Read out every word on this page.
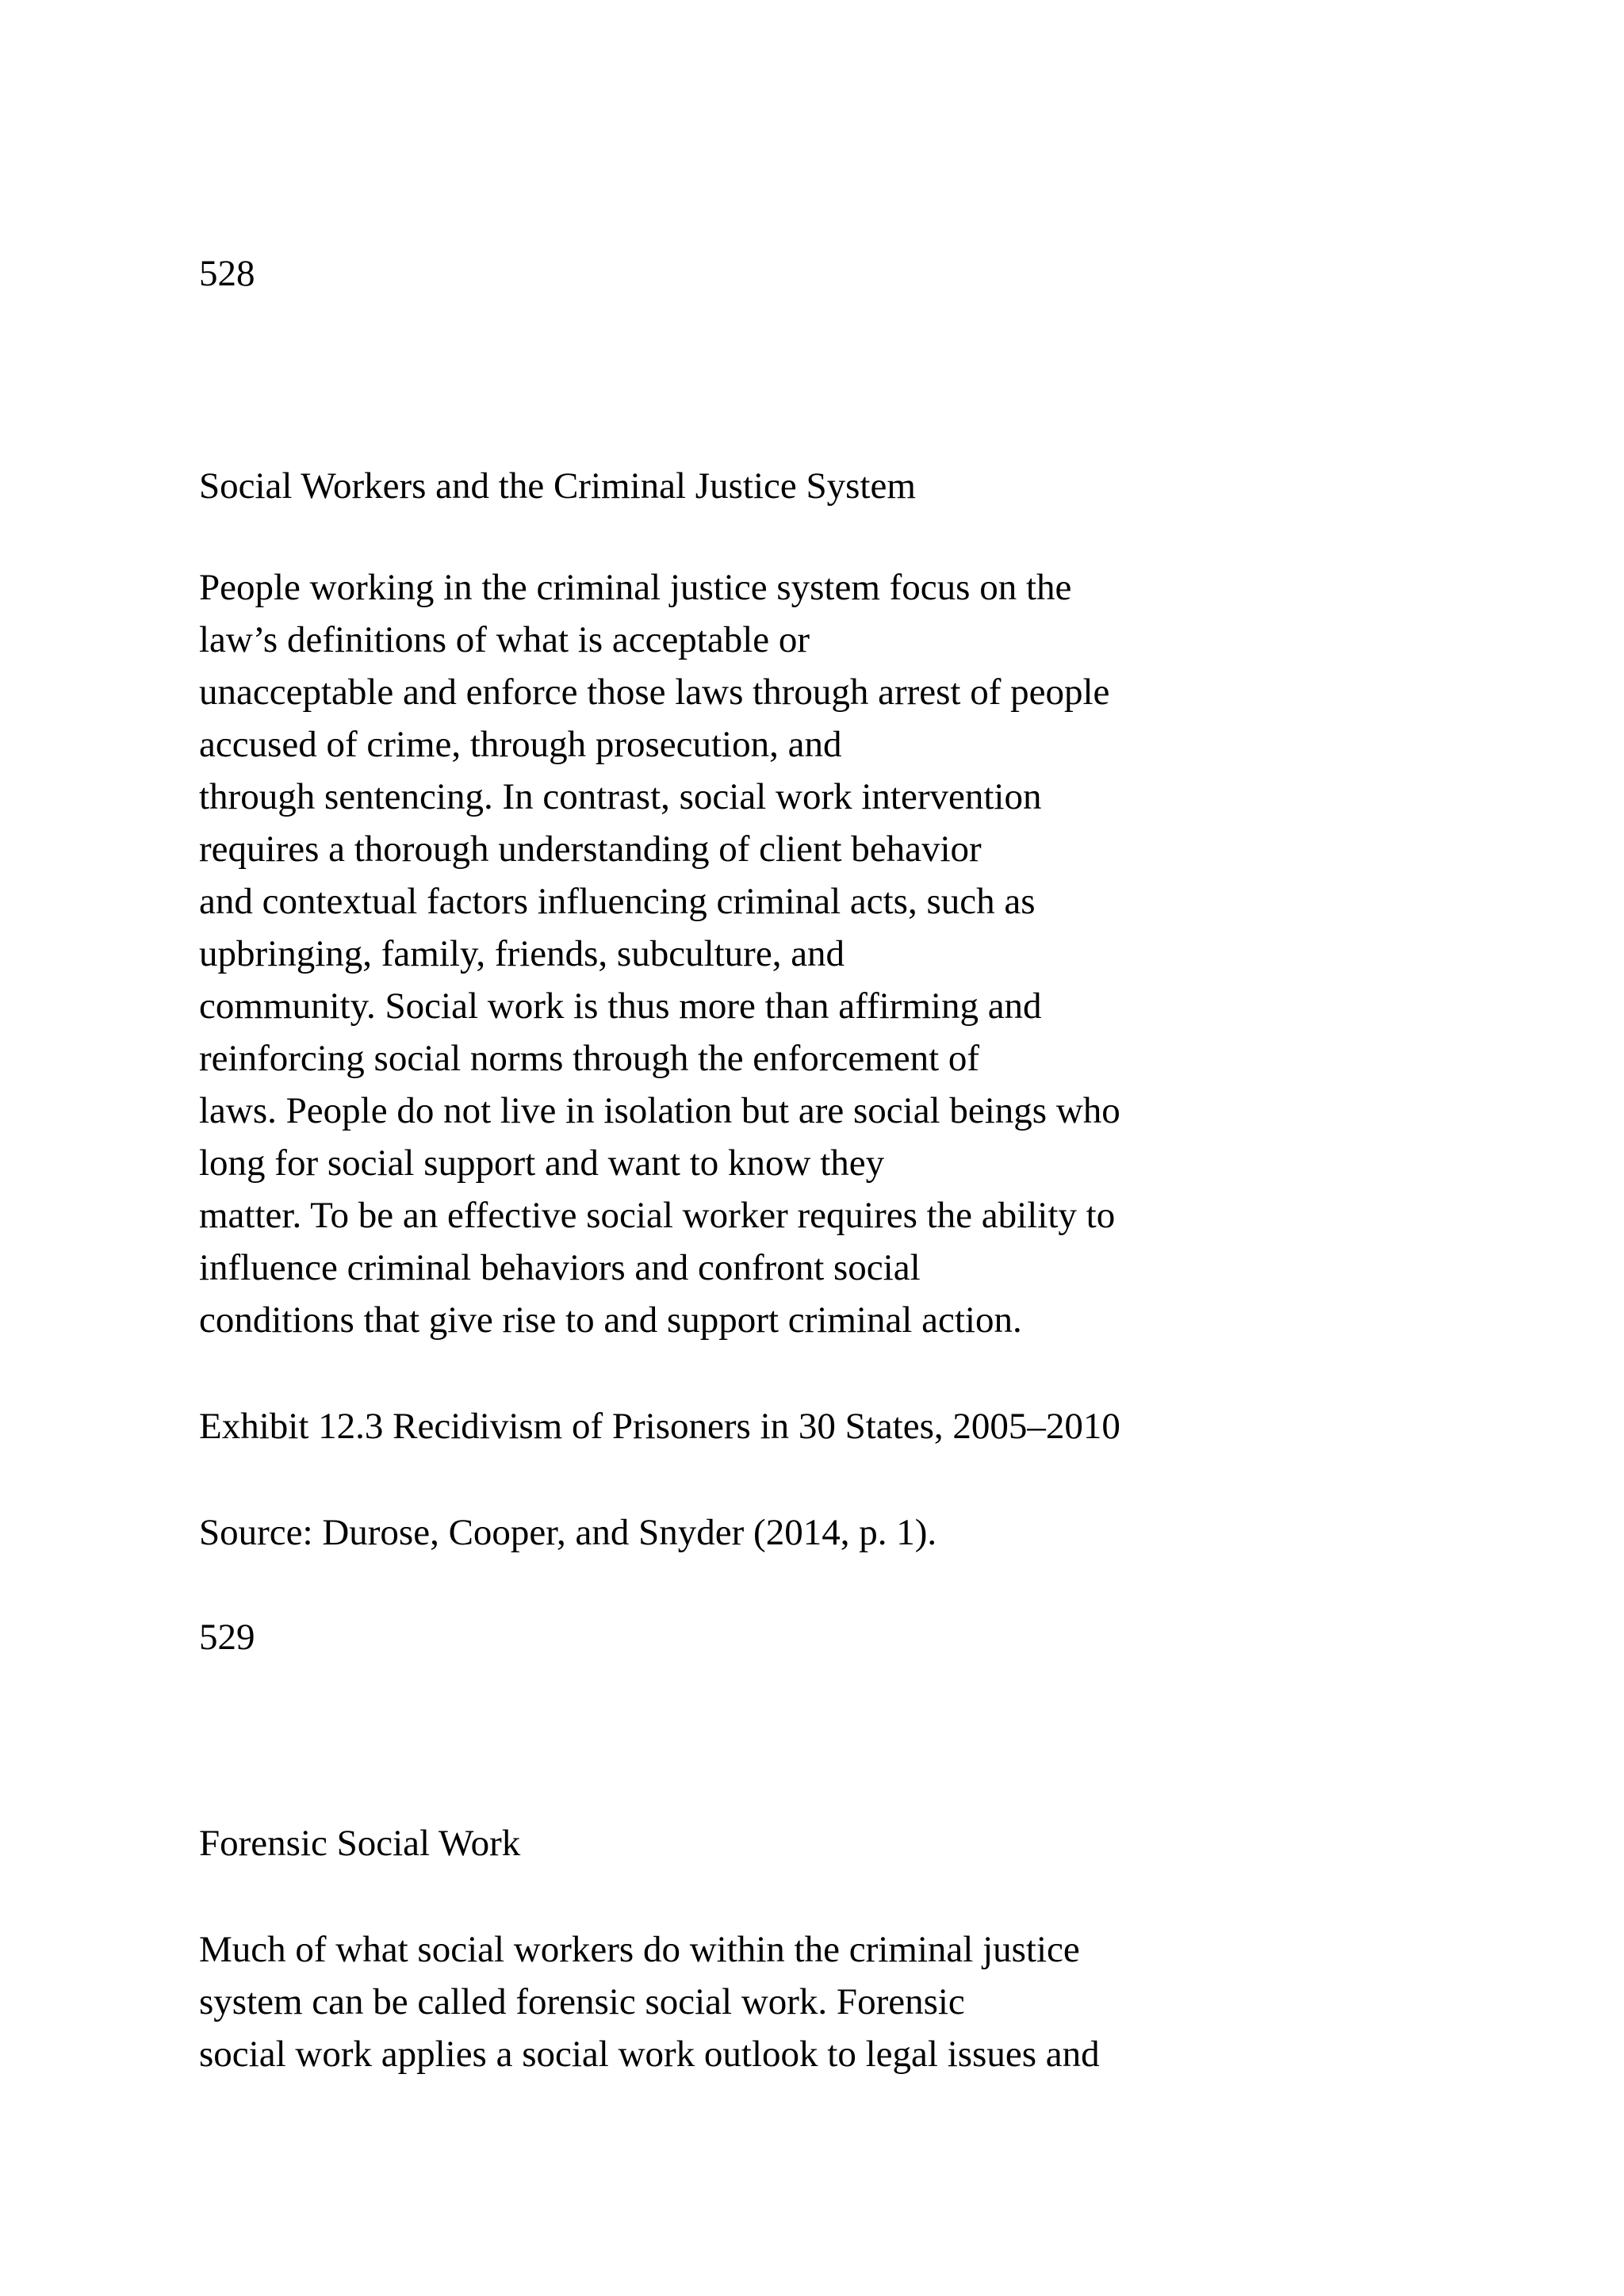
528
Social Workers and the Criminal Justice System
People working in the criminal justice system focus on the
law’s definitions of what is acceptable or
unacceptable and enforce those laws through arrest of people
accused of crime, through prosecution, and
through sentencing. In contrast, social work intervention
requires a thorough understanding of client behavior
and contextual factors influencing criminal acts, such as
upbringing, family, friends, subculture, and
community. Social work is thus more than affirming and
reinforcing social norms through the enforcement of
laws. People do not live in isolation but are social beings who
long for social support and want to know they
matter. To be an effective social worker requires the ability to
influence criminal behaviors and confront social
conditions that give rise to and support criminal action.
Exhibit 12.3 Recidivism of Prisoners in 30 States, 2005–2010
Source: Durose, Cooper, and Snyder (2014, p. 1).
529
Forensic Social Work
Much of what social workers do within the criminal justice
system can be called forensic social work. Forensic
social work applies a social work outlook to legal issues and
